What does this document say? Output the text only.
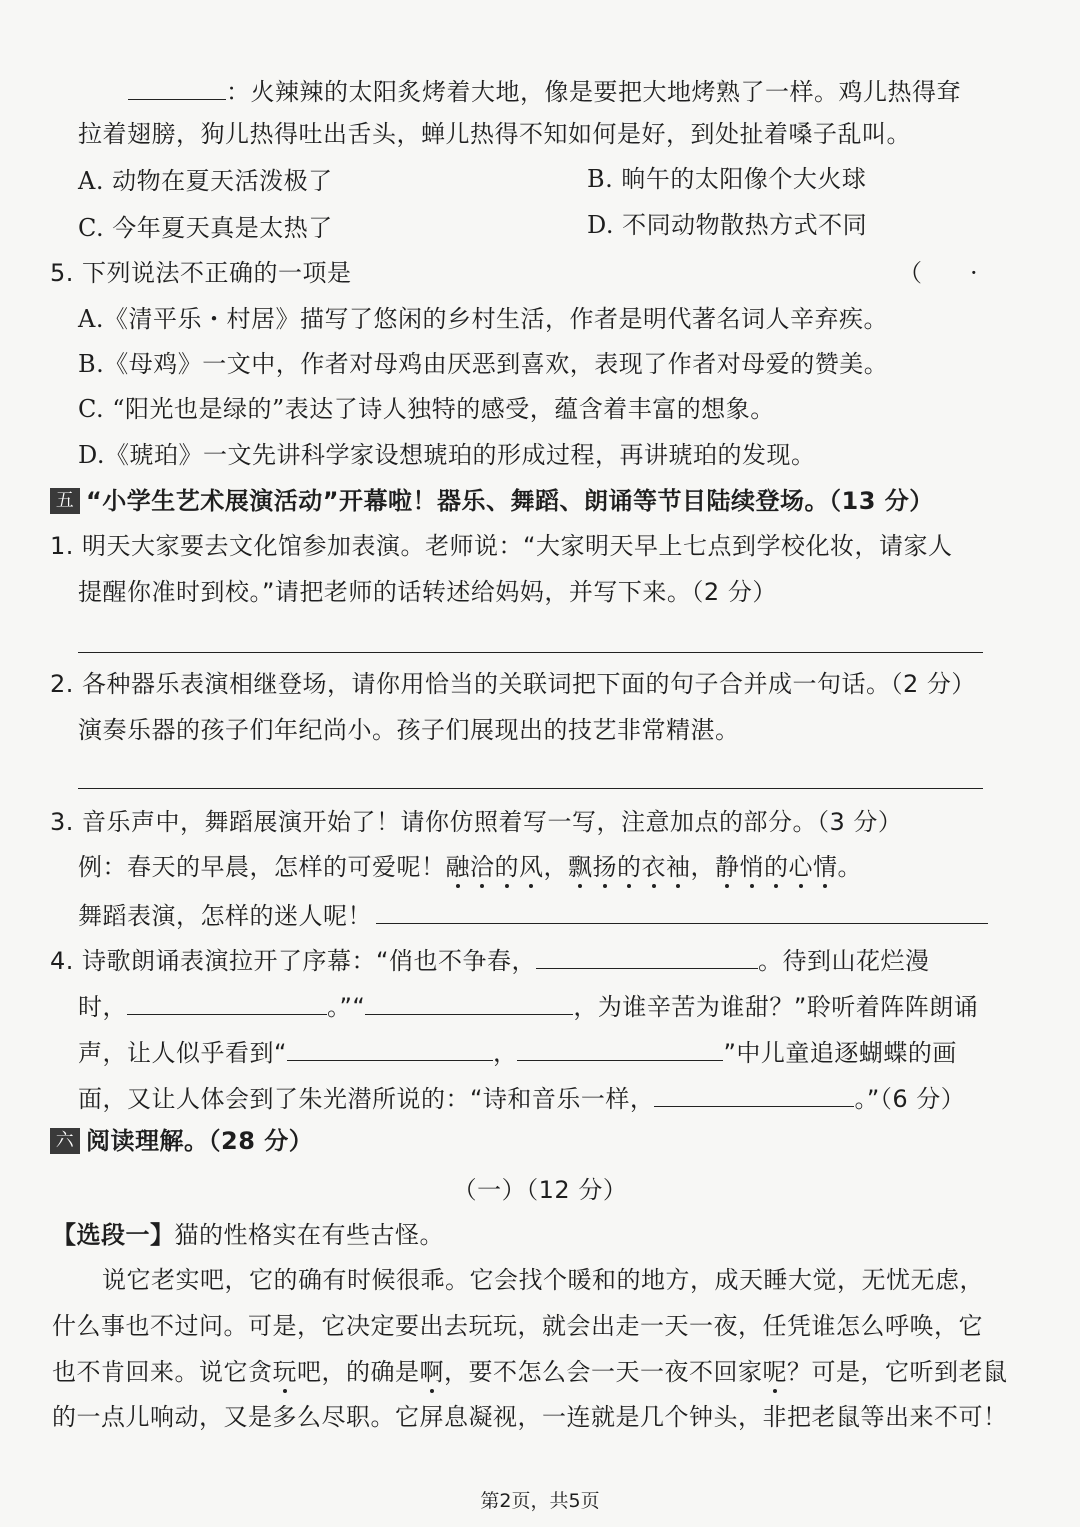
：火辣辣的太阳炙烤着大地，像是要把大地烤熟了一样。鸡儿热得耷
拉着翅膀，狗儿热得吐出舌头，蝉儿热得不知如何是好，到处扯着嗓子乱叫。
A. 动物在夏天活泼极了	B. 晌午的太阳像个大火球
C. 今年夏天真是太热了	D. 不同动物散热方式不同
5. 下列说法不正确的一项是	（ ·
A.《清平乐・村居》描写了悠闲的乡村生活，作者是明代著名词人辛弃疾。
B.《母鸡》一文中，作者对母鸡由厌恶到喜欢，表现了作者对母爱的赞美。
C. “阳光也是绿的”表达了诗人独特的感受，蕴含着丰富的想象。
D.《琥珀》一文先讲科学家设想琥珀的形成过程，再讲琥珀的发现。
五 “小学生艺术展演活动”开幕啦！器乐、舞蹈、朗诵等节目陆续登场。（13 分）
1. 明天大家要去文化馆参加表演。老师说：“大家明天早上七点到学校化妆，请家人
提醒你准时到校。”请把老师的话转述给妈妈，并写下来。（2 分）
2. 各种器乐表演相继登场，请你用恰当的关联词把下面的句子合并成一句话。（2 分）
演奏乐器的孩子们年纪尚小。孩子们展现出的技艺非常精湛。
3. 音乐声中，舞蹈展演开始了！请你仿照着写一写，注意加点的部分。（3 分）
例：春天的早晨，怎样的可爱呢！融洽的风，飘扬的衣袖，静悄的心情。
舞蹈表演，怎样的迷人呢！
4. 诗歌朗诵表演拉开了序幕：“俏也不争春，	。待到山花烂漫
时，	。”“	，为谁辛苦为谁甜？”聆听着阵阵朗诵
声，让人似乎看到“	，	”中儿童追逐蝴蝶的画
面，又让人体会到了朱光潜所说的：“诗和音乐一样，	。”（6 分）
六 阅读理解。（28 分）
（一）（12 分）
【选段一】猫的性格实在有些古怪。
说它老实吧，它的确有时候很乖。它会找个暖和的地方，成天睡大觉，无忧无虑，
什么事也不过问。可是，它决定要出去玩玩，就会出走一天一夜，任凭谁怎么呼唤，它
也不肯回来。说它贪玩吧，的确是啊，要不怎么会一天一夜不回家呢？可是，它听到老鼠
的一点儿响动，又是多么尽职。它屏息凝视，一连就是几个钟头，非把老鼠等出来不可！
第2页，共5页
